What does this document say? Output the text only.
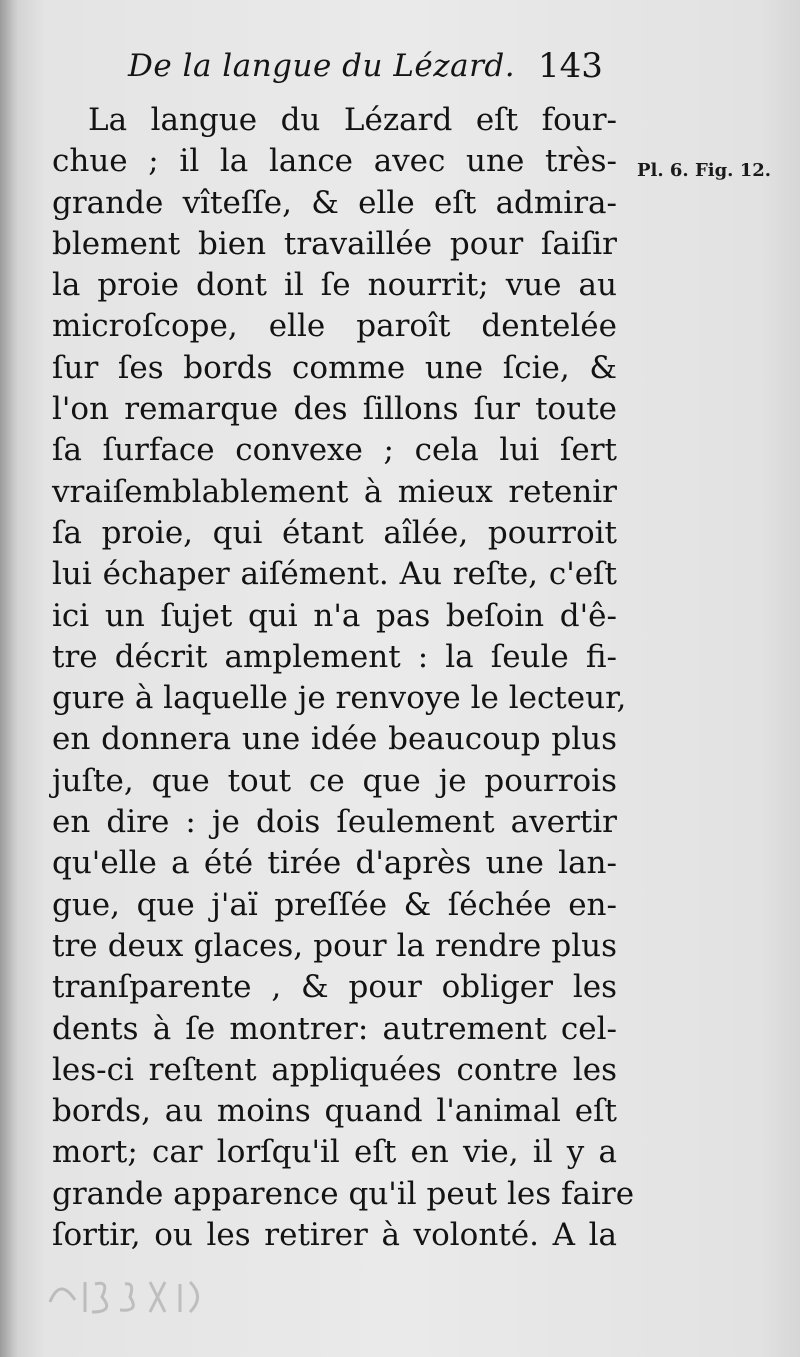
De la langue du Lézard. 143
Pl. 6. Fig. 12.
La langue du Lézard eſt four-
chue ; il la lance avec une très-
grande vîteſſe, & elle eſt admira-
blement bien travaillée pour ſaiſir
la proie dont il ſe nourrit; vue au
microſcope, elle paroît dentelée
ſur ſes bords comme une ſcie, &
l'on remarque des ſillons ſur toute
ſa ſurface convexe ; cela lui ſert
vraiſemblablement à mieux retenir
ſa proie, qui étant aîlée, pourroit
lui échaper aiſément. Au reſte, c'eſt
ici un ſujet qui n'a pas beſoin d'ê-
tre décrit amplement : la ſeule fi-
gure à laquelle je renvoye le lecteur,
en donnera une idée beaucoup plus
juſte, que tout ce que je pourrois
en dire : je dois ſeulement avertir
qu'elle a été tirée d'après une lan-
gue, que j'aï preſſée & ſéchée en-
tre deux glaces, pour la rendre plus
tranſparente , & pour obliger les
dents à ſe montrer: autrement cel-
les-ci reſtent appliquées contre les
bords, au moins quand l'animal eſt
mort; car lorſqu'il eſt en vie, il y a
grande apparence qu'il peut les faire
ſortir, ou les retirer à volonté. A la
